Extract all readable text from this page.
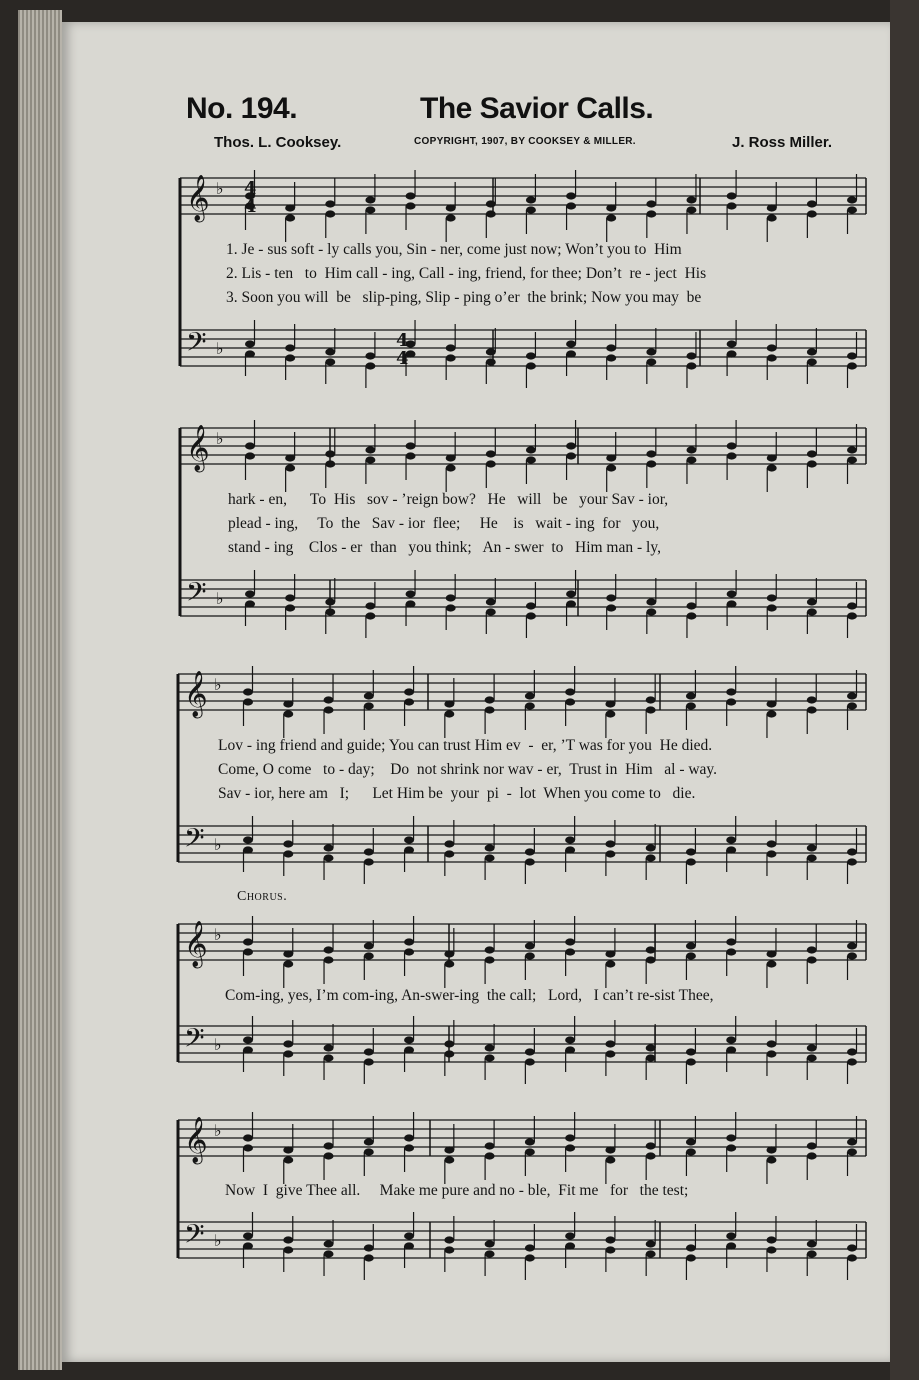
𝄞 ♭
𝄢 ♭
𝄞 ♭
𝄢 ♭
𝄞 ♭
𝄢 ♭
𝄞 ♭
𝄢 ♭
𝄞 ♭
𝄢 ♭
4
4
4
4
No. 194.	The Savior Calls.
Thos. L. Cooksey.	COPYRIGHT, 1907, BY COOKSEY & MILLER.	J. Ross Miller.
Chorus.
1. Je - sus soft - ly calls you, Sin - ner, come just now; Won’t you to  Him
2. Lis - ten   to  Him call - ing, Call - ing, friend, for thee; Don’t  re - ject  His
3. Soon you will  be   slip-ping, Slip - ping o’er  the brink; Now you may  be
hark - en,      To  His   sov - ’reign bow?   He   will   be   your Sav - ior,
plead - ing,     To  the   Sav - ior  flee;     He    is   wait - ing  for   you,
stand - ing    Clos - er  than   you think;   An - swer  to   Him man - ly,
Lov - ing friend and guide; You can trust Him ev  -  er, ’T was for you  He died.
Come, O come   to - day;    Do  not shrink nor wav - er,  Trust in  Him   al - way.
Sav - ior, here am   I;      Let Him be  your  pi  -  lot  When you come to   die.
Com-ing, yes, I’m com-ing, An-swer-ing  the call;   Lord,   I can’t re-sist Thee,
Now  I  give Thee all.     Make me pure and no - ble,  Fit me   for   the test;
